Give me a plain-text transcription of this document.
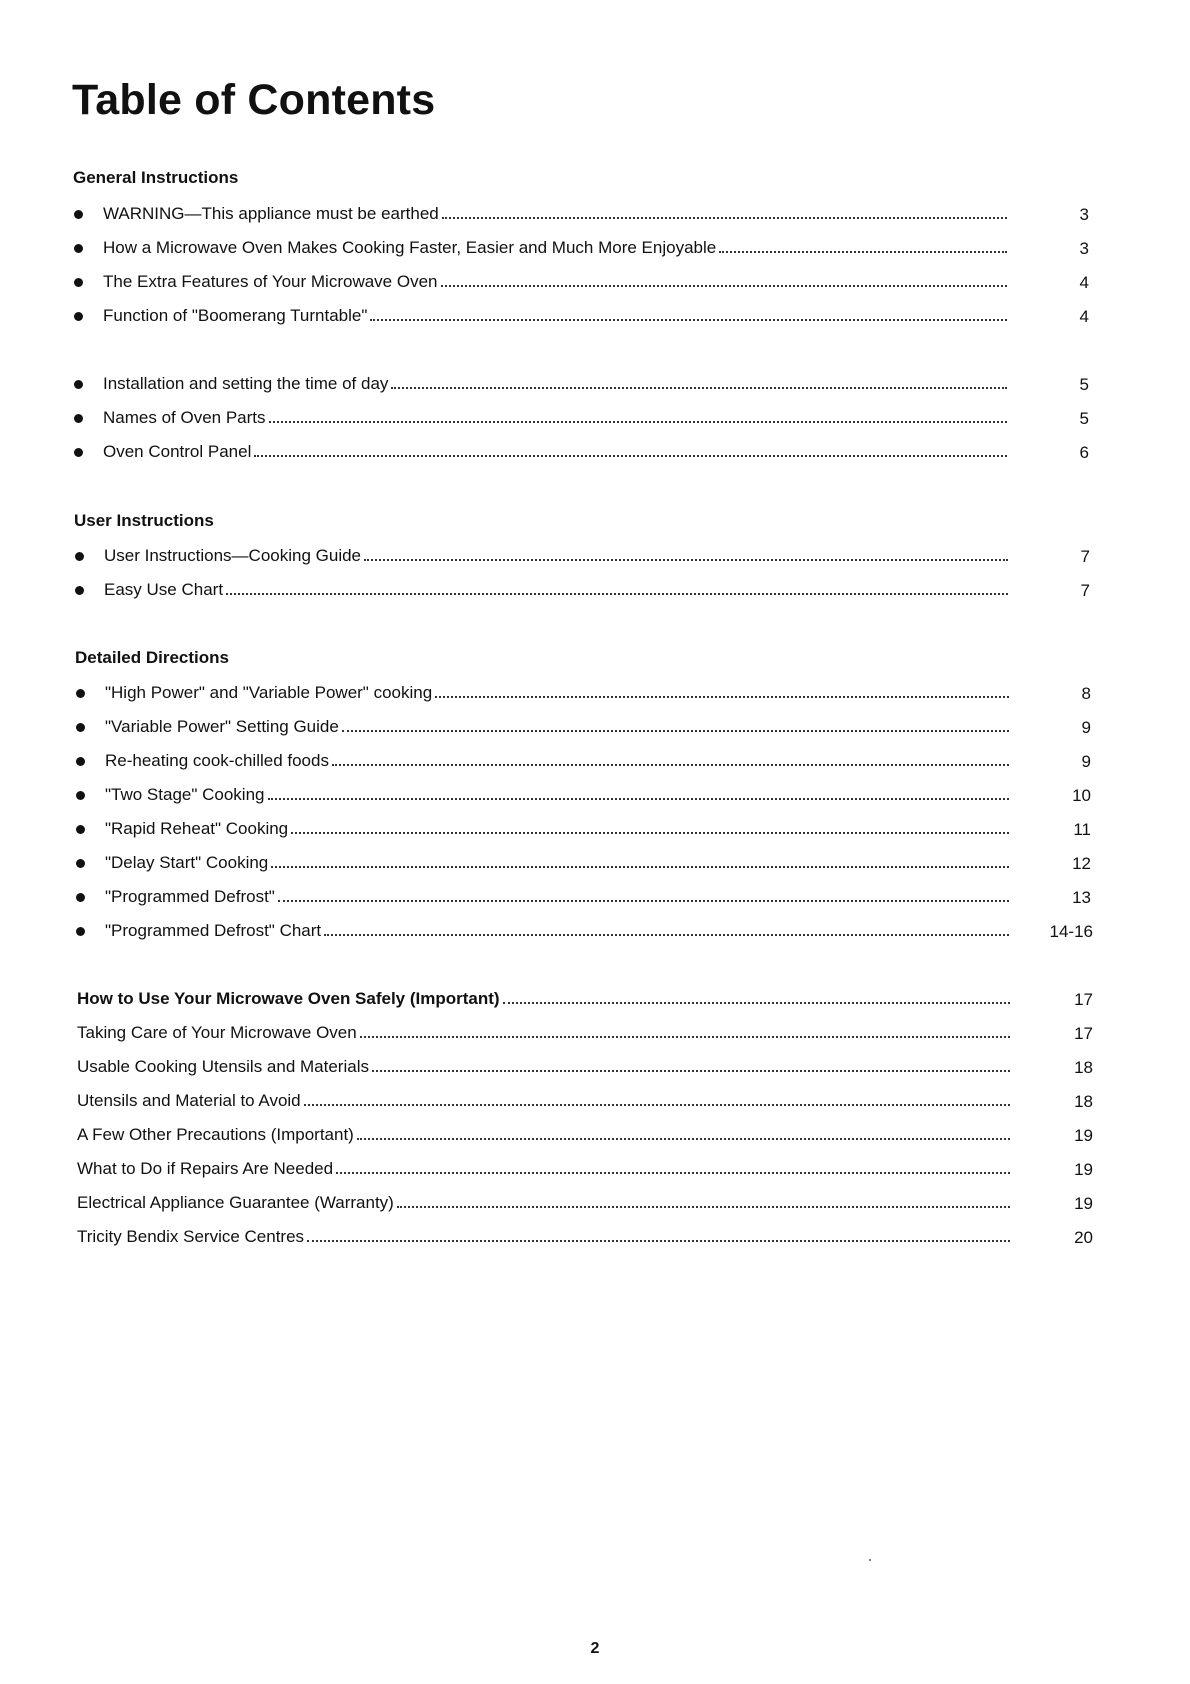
Table of Contents
General Instructions
WARNING—This appliance must be earthed	3
How a Microwave Oven Makes Cooking Faster, Easier and Much More Enjoyable	3
The Extra Features of Your Microwave Oven	4
Function of "Boomerang Turntable"	4
Installation and setting the time of day	5
Names of Oven Parts	5
Oven Control Panel	6
User Instructions
User Instructions—Cooking Guide	7
Easy Use Chart	7
Detailed Directions
"High Power" and "Variable Power" cooking	8
"Variable Power" Setting Guide	9
Re-heating cook-chilled foods	9
"Two Stage" Cooking	10
"Rapid Reheat" Cooking	11
"Delay Start" Cooking	12
"Programmed Defrost"	13
"Programmed Defrost" Chart	14-16
How to Use Your Microwave Oven Safely (Important)	17
Taking Care of Your Microwave Oven	17
Usable Cooking Utensils and Materials	18
Utensils and Material to Avoid	18
A Few Other Precautions (Important)	19
What to Do if Repairs Are Needed	19
Electrical Appliance Guarantee (Warranty)	19
Tricity Bendix Service Centres	20
2
